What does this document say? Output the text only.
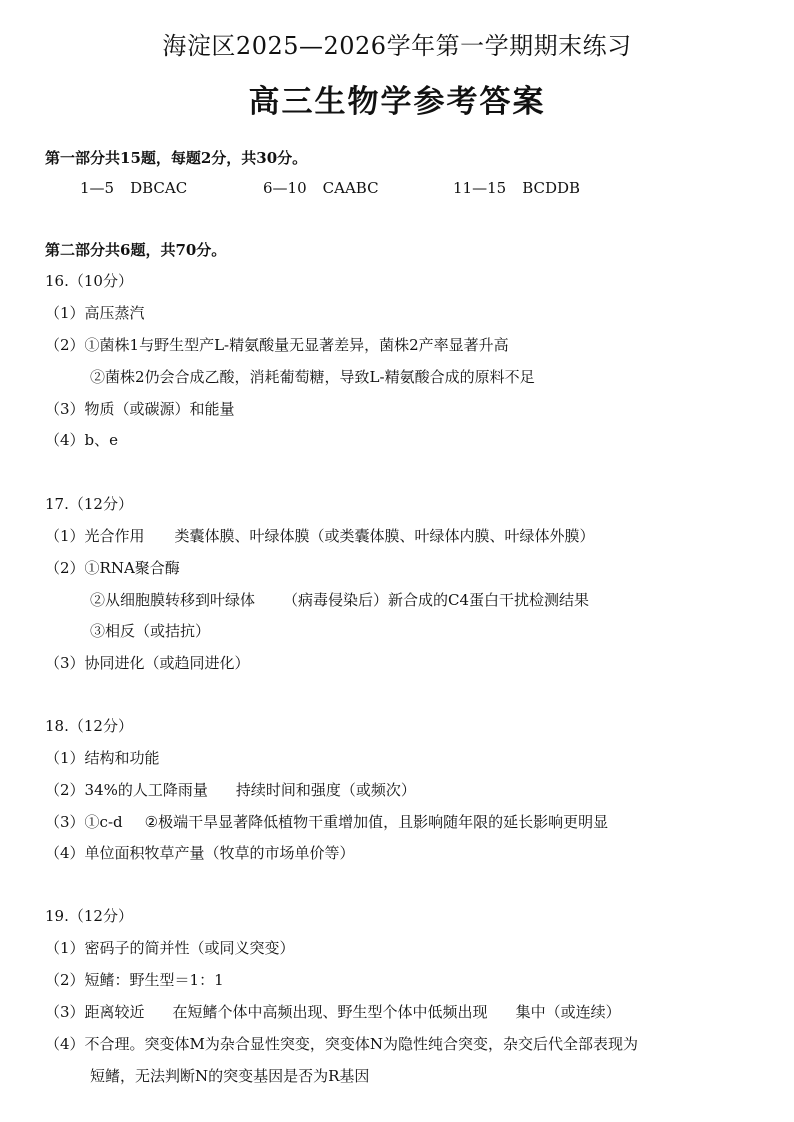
海淀区2025—2026学年第一学期期末练习
高三生物学参考答案
第一部分共15题，每题2分，共30分。
1—5 DBCAC	6—10 CAABC	11—15 BCDDB
第二部分共6题，共70分。
16.（10分）
（1）高压蒸汽
（2）①菌株1与野生型产L-精氨酸量无显著差异，菌株2产率显著升高
②菌株2仍会合成乙酸，消耗葡萄糖，导致L-精氨酸合成的原料不足
（3）物质（或碳源）和能量
（4）b、e
17.（12分）
（1）光合作用 类囊体膜、叶绿体膜（或类囊体膜、叶绿体内膜、叶绿体外膜）
（2）①RNA聚合酶
②从细胞膜转移到叶绿体 （病毒侵染后）新合成的C4蛋白干扰检测结果
③相反（或拮抗）
（3）协同进化（或趋同进化）
18.（12分）
（1）结构和功能
（2）34%的人工降雨量 持续时间和强度（或频次）
（3）①c-d ②极端干旱显著降低植物干重增加值，且影响随年限的延长影响更明显
（4）单位面积牧草产量（牧草的市场单价等）
19.（12分）
（1）密码子的简并性（或同义突变）
（2）短鳍：野生型＝1：1
（3）距离较近 在短鳍个体中高频出现、野生型个体中低频出现 集中（或连续）
（4）不合理。突变体M为杂合显性突变，突变体N为隐性纯合突变，杂交后代全部表现为
短鳍，无法判断N的突变基因是否为R基因
